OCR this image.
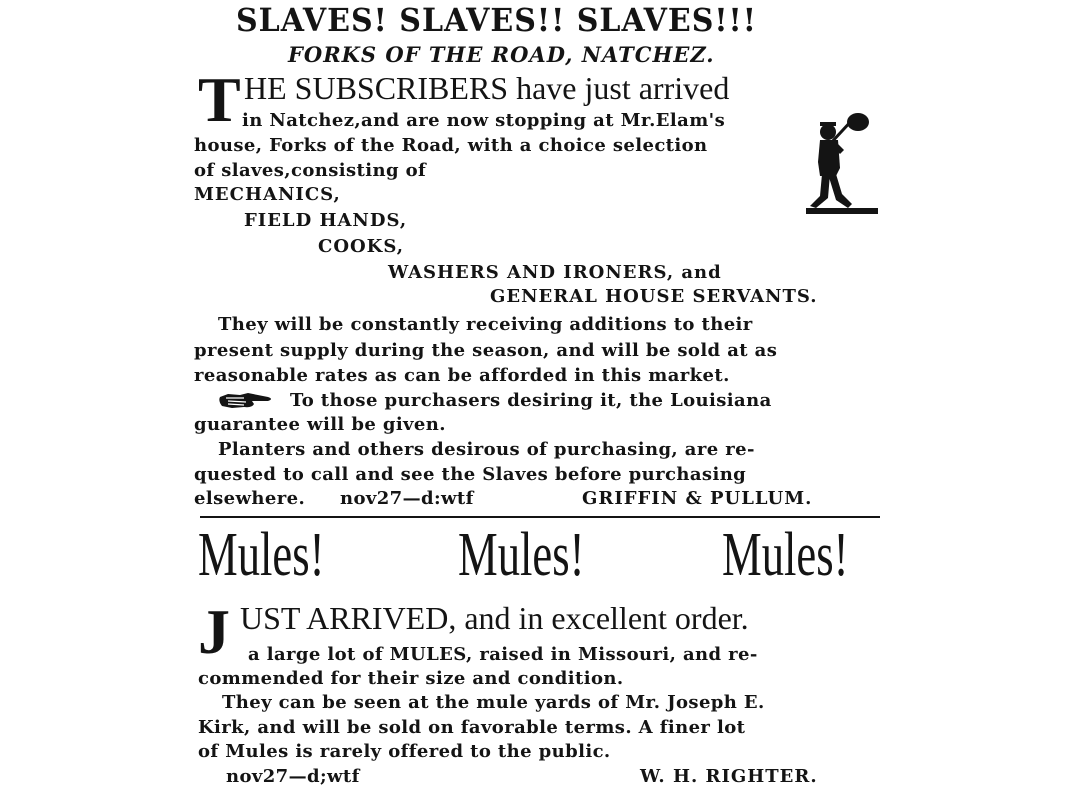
SLAVES! SLAVES!! SLAVES!!!
FORKS OF THE ROAD, NATCHEZ.
T HE SUBSCRIBERS have just arrived
in Natchez,and are now stopping at Mr.Elam's
house, Forks of the Road, with a choice selection
of slaves,consisting of
MECHANICS,
FIELD HANDS,
COOKS,
WASHERS AND IRONERS, and
GENERAL HOUSE SERVANTS.
They will be constantly receiving additions to their
present supply during the season, and will be sold at as
reasonable rates as can be afforded in this market.
To those purchasers desiring it, the Louisiana
guarantee will be given.
Planters and others desirous of purchasing, are re-
quested to call and see the Slaves before purchasing
elsewhere. nov27—d:wtf	GRIFFIN & PULLUM.
Mules! Mules! Mules!
J UST ARRIVED, and in excellent order.
a large lot of MULES, raised in Missouri, and re-
commended for their size and condition.
They can be seen at the mule yards of Mr. Joseph E.
Kirk, and will be sold on favorable terms. A finer lot
of Mules is rarely offered to the public.
nov27—d;wtf	W. H. RIGHTER.
